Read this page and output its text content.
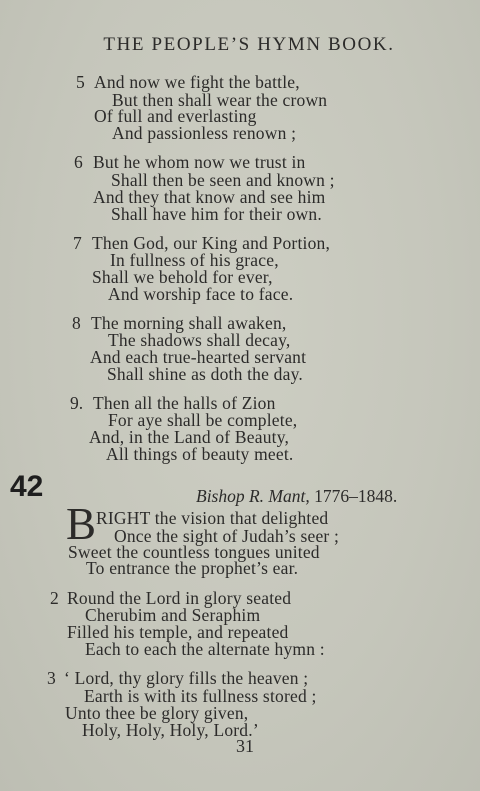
THE PEOPLE’S HYMN BOOK.
5 And now we fight the battle,
But then shall wear the crown
Of full and everlasting
And passionless renown ;
6 But he whom now we trust in
Shall then be seen and known ;
And they that know and see him
Shall have him for their own.
7 Then God, our King and Portion,
In fullness of his grace,
Shall we behold for ever,
And worship face to face.
8 The morning shall awaken,
The shadows shall decay,
And each true-hearted servant
Shall shine as doth the day.
9. Then all the halls of Zion
For aye shall be complete,
And, in the Land of Beauty,
All things of beauty meet.
42	Bishop R. Mant, 1776–1848.
B RIGHT the vision that delighted
Once the sight of Judah’s seer ;
Sweet the countless tongues united
To entrance the prophet’s ear.
2 Round the Lord in glory seated
Cherubim and Seraphim
Filled his temple, and repeated
Each to each the alternate hymn :
3 ‘ Lord, thy glory fills the heaven ;
Earth is with its fullness stored ;
Unto thee be glory given,
Holy, Holy, Holy, Lord.’
31
